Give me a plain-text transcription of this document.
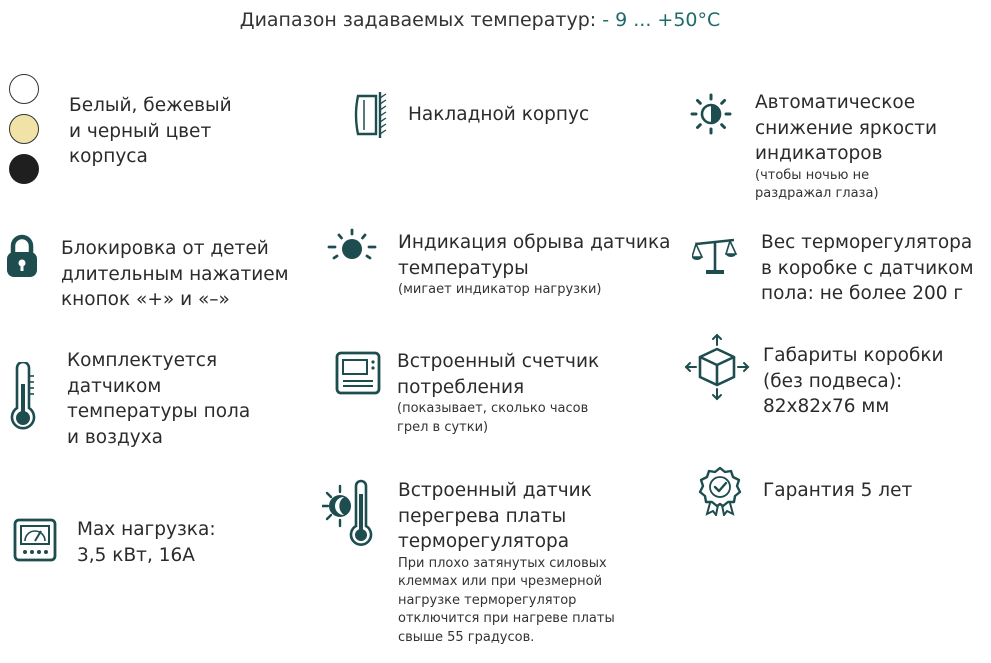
Диапазон задаваемых температур: - 9 ... +50°C
Белый, бежевый
и черный цвет
корпуса
Накладной корпус
Автоматическое
снижение яркости
индикаторов
(чтобы ночью не
раздражал глаза)
Блокировка от детей
длительным нажатием
кнопок «+» и «–»
Индикация обрыва датчика
температуры
(мигает индикатор нагрузки)
Вес терморегулятора
в коробке с датчиком
пола: не более 200 г
Комплектуется
датчиком
температуры пола
и воздуха
Встроенный счетчик
потребления
(показывает, сколько часов
грел в сутки)
Габариты коробки
(без подвеса):
82х82х76 мм
Max нагрузка:
3,5 кВт, 16А
Встроенный датчик
перегрева платы
терморегулятора
При плохо затянутых силовых
клеммах или при чрезмерной
нагрузке терморегулятор
отключится при нагреве платы
свыше 55 градусов.
Гарантия 5 лет
